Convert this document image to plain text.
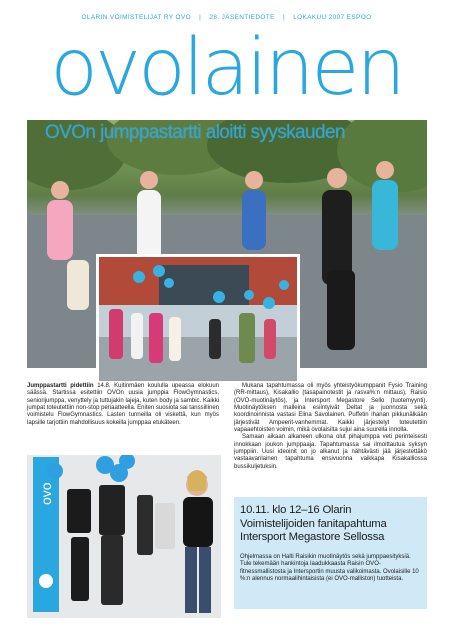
OLARIN VOIMISTELIJAT RY OVO | 28. JÄSENTIEDOTE | LOKAKUU 2007 ESPOO
ovolainen
OVOn jumppastartti aloitti syyskauden
Jumppastartti pidettiin 14.8. Kuitinmäen koululla upeassa elokuun säässä. Startissa esitettiin OVOn uusia jumppia FlowGymnastics, seniorijumppa, venyttely ja tuttujakin lajeja, kuten body ja sambic. Kaikki jumpat toteutettiin non-stop periaatteella. Eniten suosiota sai tanssillinen voimistelu FlowGymnastics. Lasten tunneilla oli viskettä, kun myös lapsille tarjottiin mahdollisuus kokeilla jumppaa etukäteen.

Mukana tapahtumassa oli myös yhteistyökumppanit Fysio Training (RR-mittaus), Kisakallio (tasapainotestit ja rasva%:n mittaus), Raisio (OVO-muotinäytös), ja Intersport Megastore Sello (tuotemyynti). Muotinäytöksen malleina esiintyivät Deltat ja juonnosta sekä koordinoinnista vastasi Elina Savolainen. Puffetin ihanan pikkunälkään järjestivät Ampeerit-vanhemmat. Kaikki järjestelyt toteutettiin vapaaehtoisten voimin, mikä ovolaisilta sujui aina suurella innolla.

Samaan aikaan alkaneen ulkona olut pihajumppa veti perinteisesti innokkaan joukon jumppaaja. Tapahtumassa sai ilmoittautua syksyn jumppiin. Uusi ideoinit on jo alkanut ja nähtävästi jää järjestettäkö vastaavanlainen tapahtuma ensivuonna vaikkapa Kisakalliossa bussikuljetuksin.

ovo
10.11. klo 12–16 Olarin Voimistelijoiden fanitapahtuma Intersport Megastore Sellossa
Ohjelmassa on Halti Raisikin muotinäytös sekä jumppaesityksiä. Tule tekemään hankintoja laadukkaasta Raisin OVO-fitnessmallistosta ja Intersportin muusta valikoimasta. Ovolaisille 10 %:n alennus normaalihintaisista (ei OVO-malliston) tuotteista.
